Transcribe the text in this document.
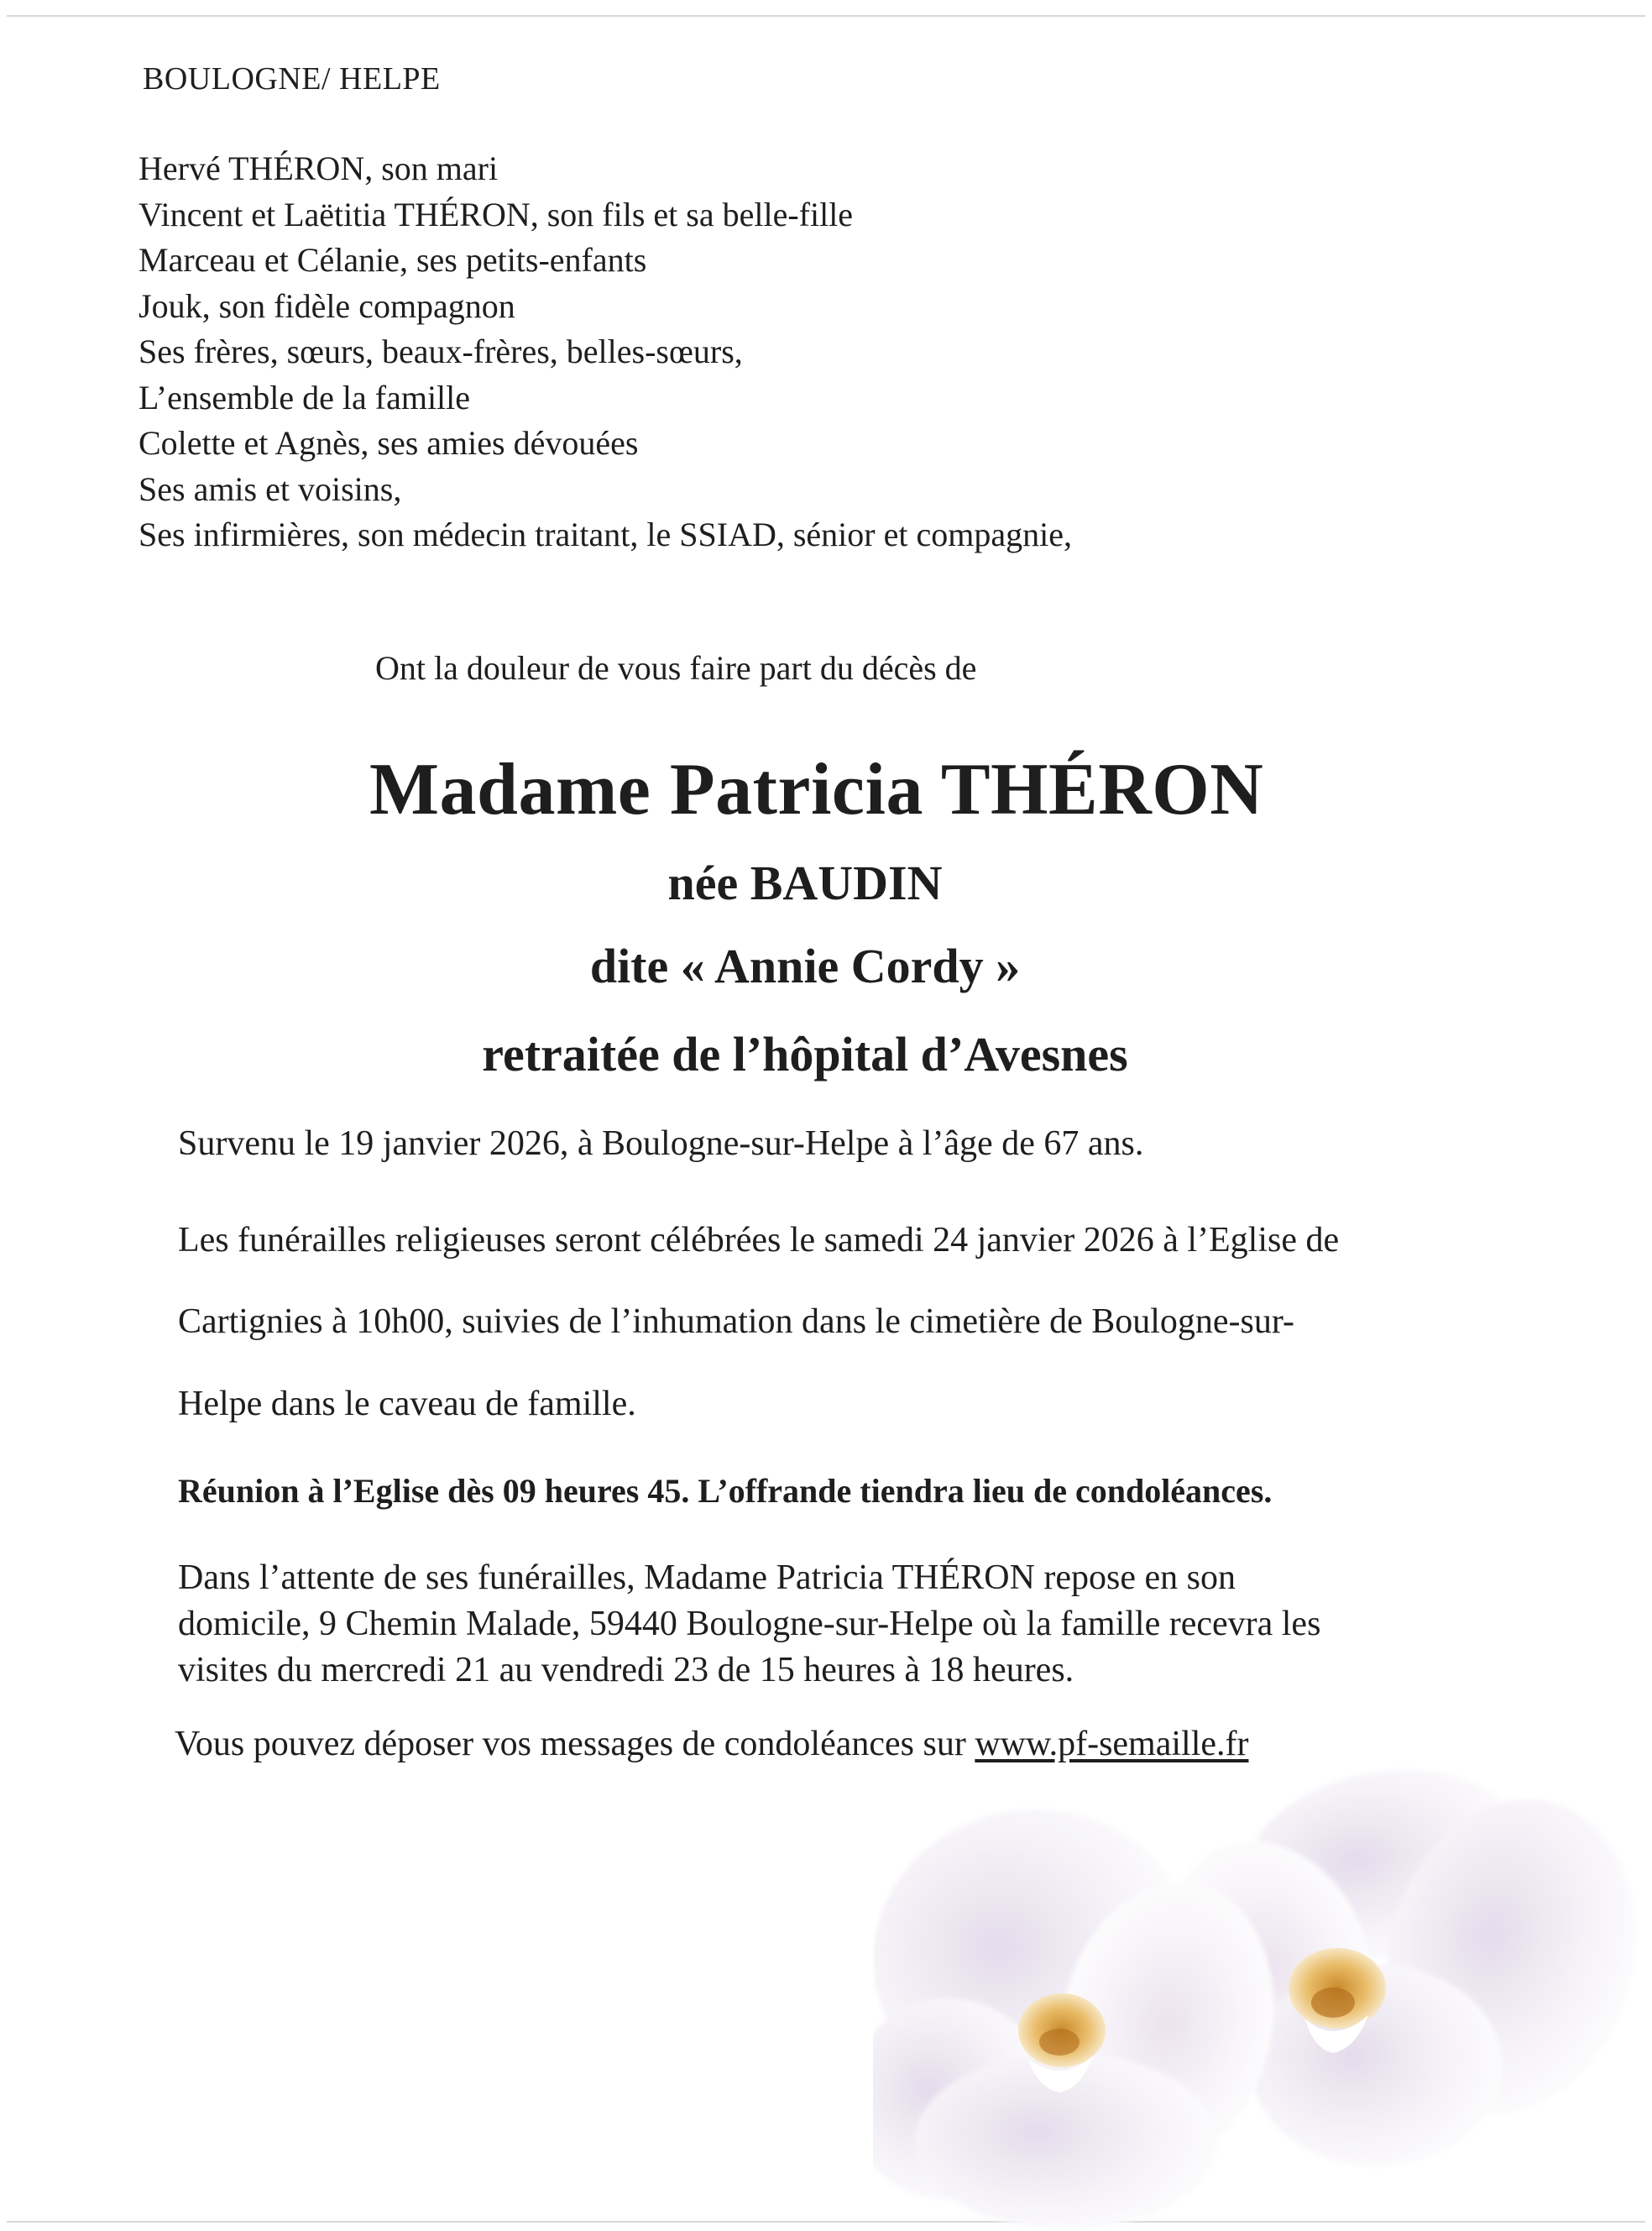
BOULOGNE/ HELPE
Hervé THÉRON, son mari
Vincent et Laëtitia THÉRON, son fils et sa belle-fille
Marceau et Célanie, ses petits-enfants
Jouk, son fidèle compagnon
Ses frères, sœurs, beaux-frères, belles-sœurs,
L’ensemble de la famille
Colette et Agnès, ses amies dévouées
Ses amis et voisins,
Ses infirmières, son médecin traitant, le SSIAD, sénior et compagnie,
Ont la douleur de vous faire part du décès de
Madame Patricia THÉRON
née BAUDIN
dite « Annie Cordy »
retraitée de l’hôpital d’Avesnes
Survenu le 19 janvier 2026, à Boulogne-sur-Helpe à l’âge de 67 ans.
Les funérailles religieuses seront célébrées le samedi 24 janvier 2026 à l’Eglise de
Cartignies à 10h00, suivies de l’inhumation dans le cimetière de Boulogne-sur-
Helpe dans le caveau de famille.
Réunion à l’Eglise dès 09 heures 45. L’offrande tiendra lieu de condoléances.
Dans l’attente de ses funérailles, Madame Patricia THÉRON repose en son
domicile, 9 Chemin Malade, 59440 Boulogne-sur-Helpe où la famille recevra les
visites du mercredi 21 au vendredi 23 de 15 heures à 18 heures.
Vous pouvez déposer vos messages de condoléances sur www.pf-semaille.fr
